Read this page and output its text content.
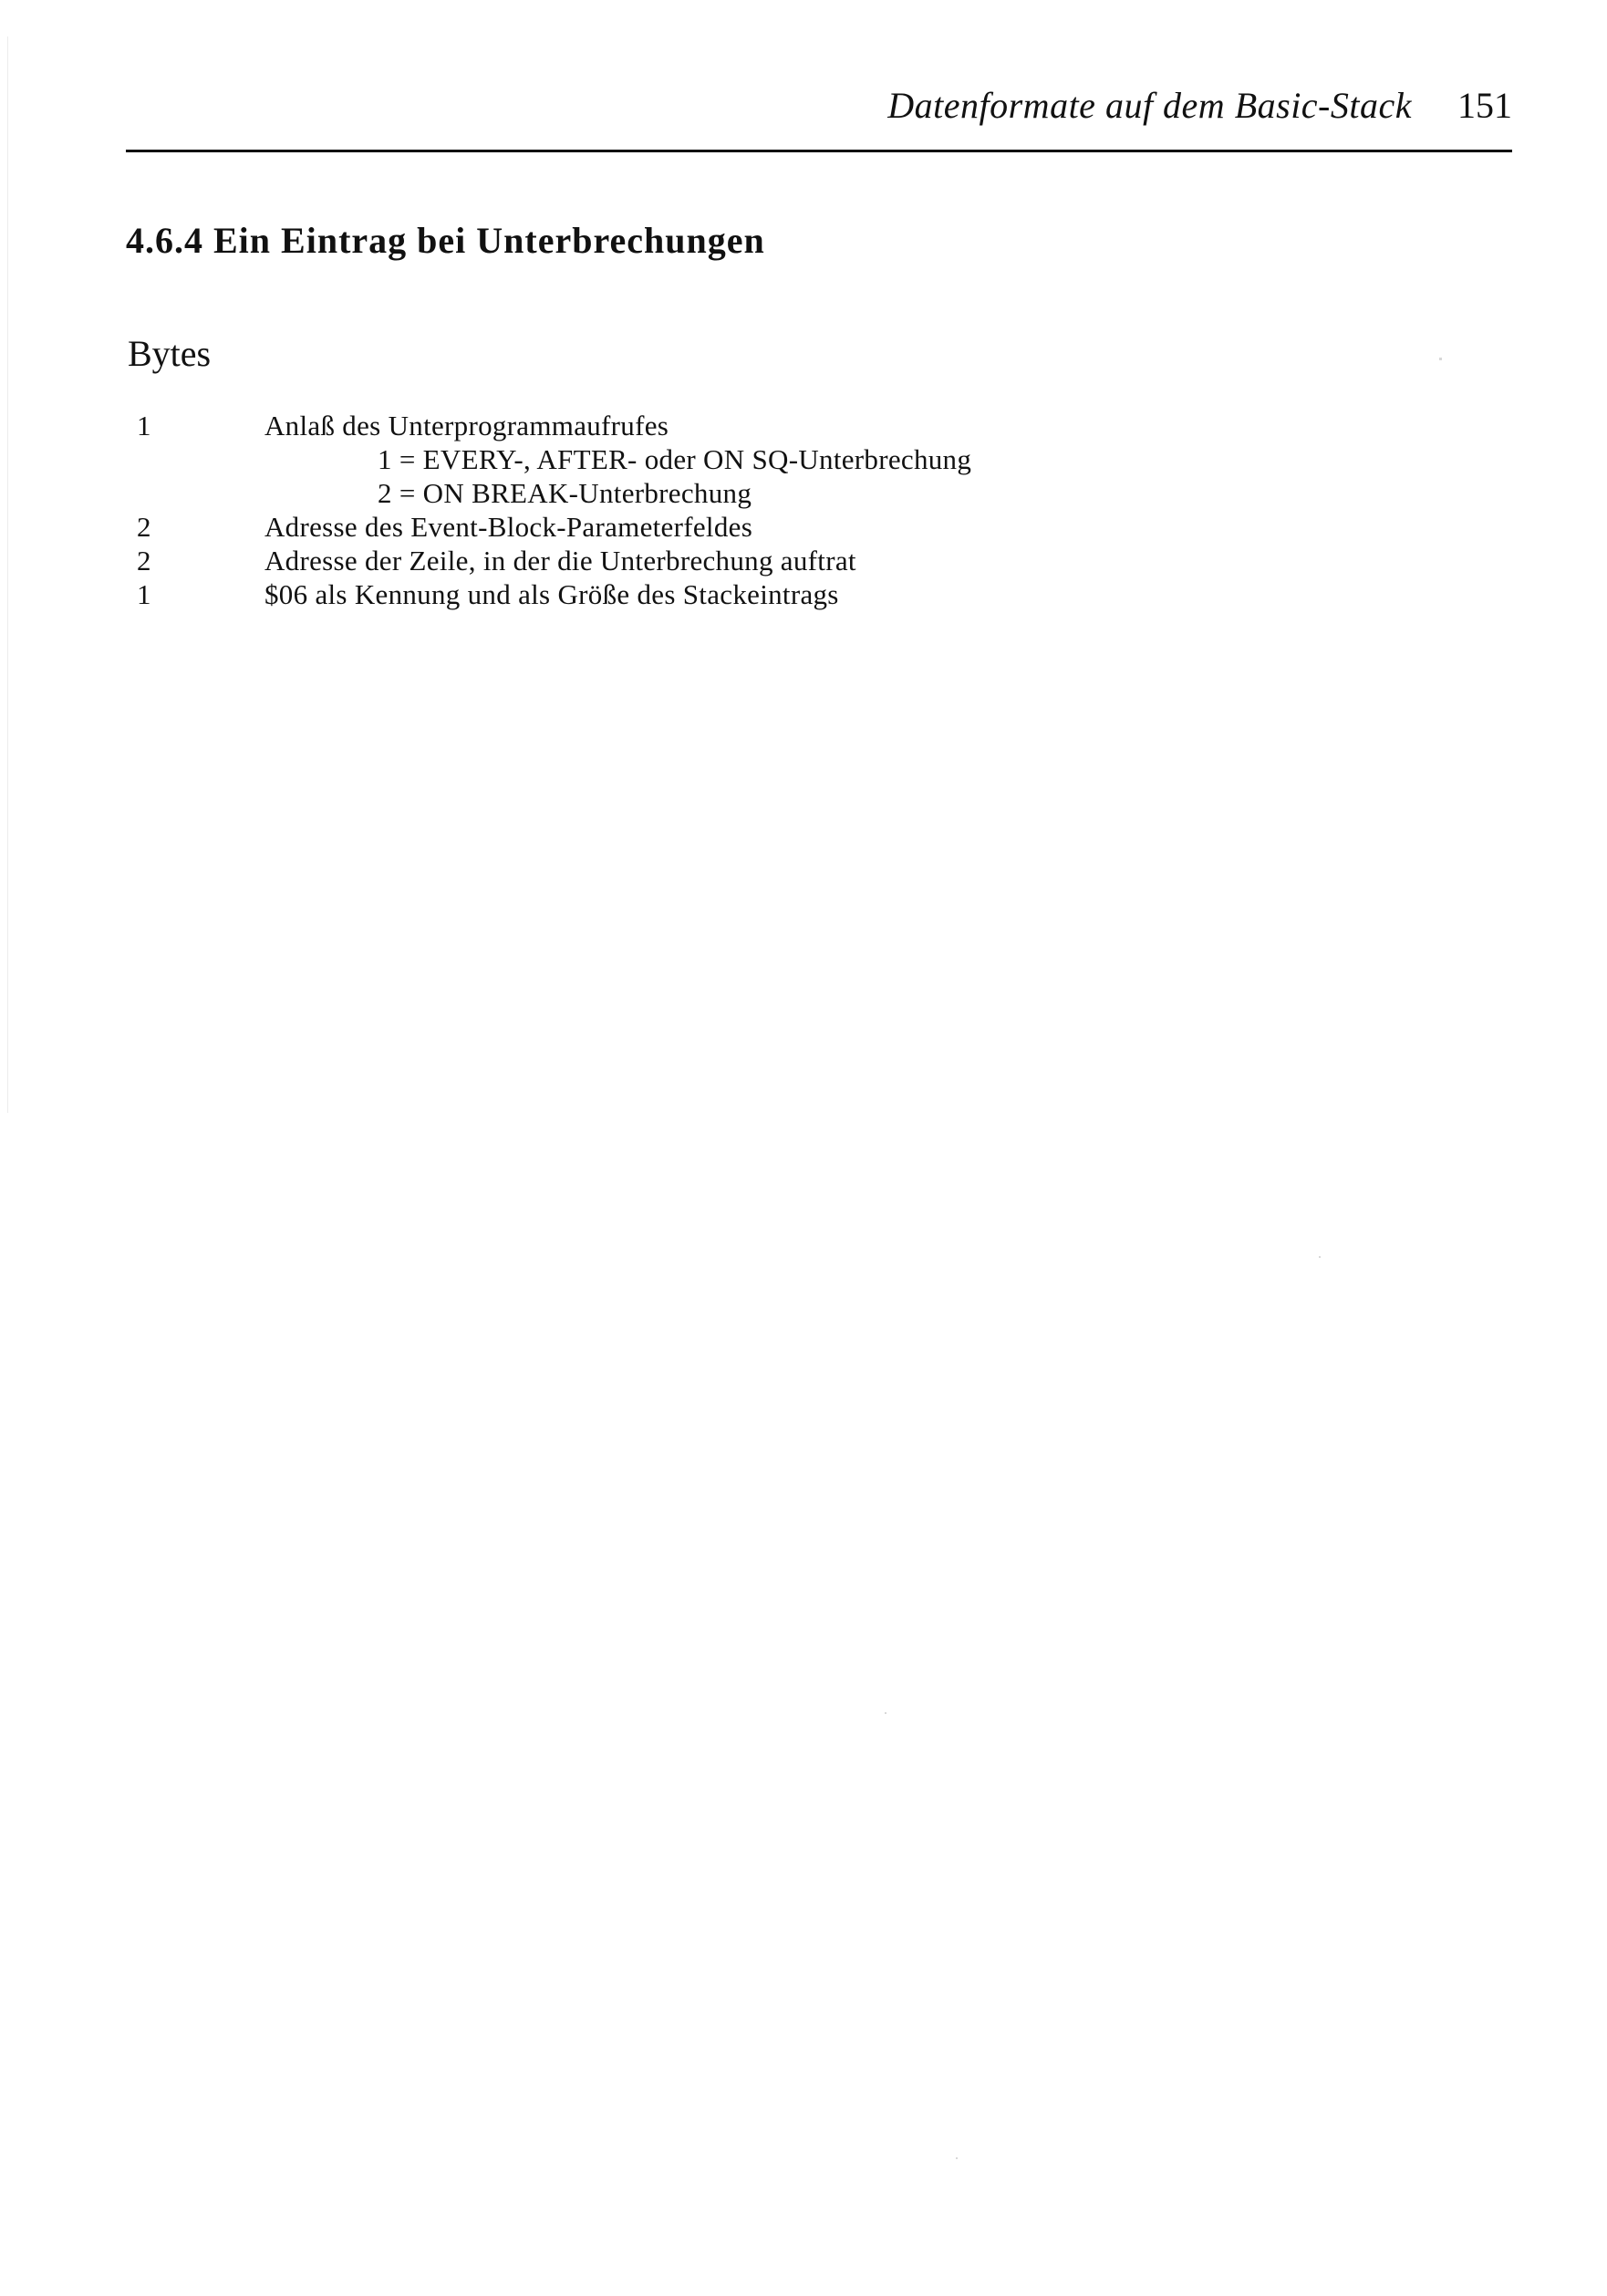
Datenformate auf dem Basic-Stack 151
4.6.4 Ein Eintrag bei Unterbrechungen
Bytes
1	Anlaß des Unterprogrammaufrufes
1 = EVERY-, AFTER- oder ON SQ-Unterbrechung
2 = ON BREAK-Unterbrechung
2	Adresse des Event-Block-Parameterfeldes
2	Adresse der Zeile, in der die Unterbrechung auftrat
1	$06 als Kennung und als Größe des Stackeintrags
